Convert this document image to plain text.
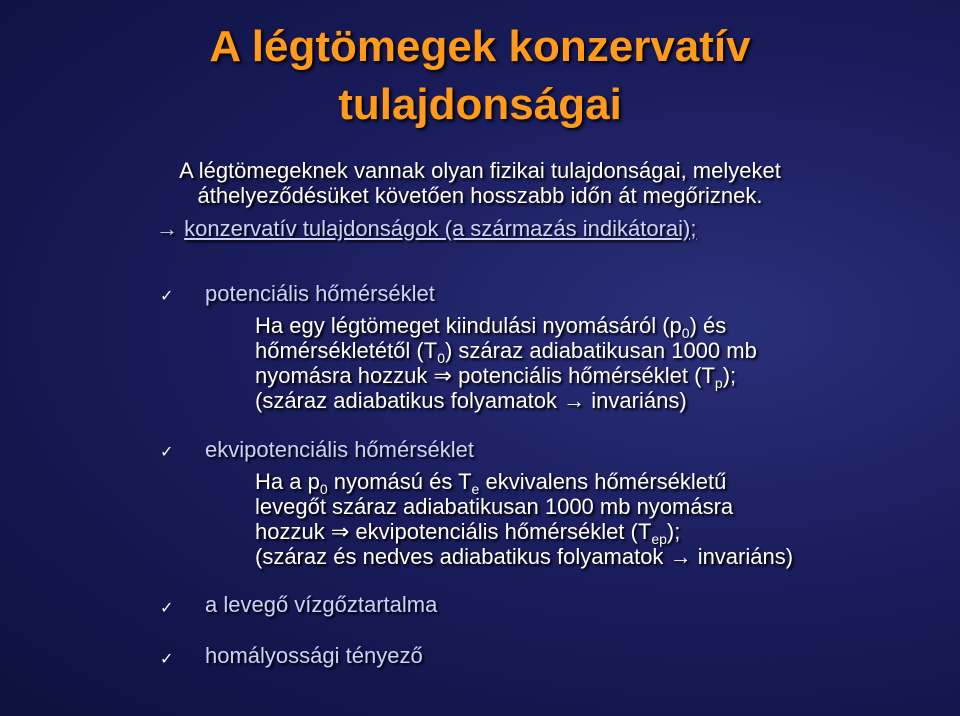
A légtömegek konzervatív
tulajdonságai
A légtömegeknek vannak olyan fizikai tulajdonságai, melyeket
áthelyeződésüket követően hosszabb időn át megőriznek.
→ konzervatív tulajdonságok (a származás indikátorai);
✓ potenciális hőmérséklet
Ha egy légtömeget kiindulási nyomásáról $(p_0)$ és
hőmérsékletétől $(T_0)$ száraz adiabatikusan 1000 mb
nyomásra hozzuk ⇒ potenciális hőmérséklet $(T_p)$;
(száraz adiabatikus folyamatok → invariáns)
✓ ekvipotenciális hőmérséklet
Ha a $p_0$ nyomású és $T_e$ ekvivalens hőmérsékletű
levegőt száraz adiabatikusan 1000 mb nyomásra
hozzuk ⇒ ekvipotenciális hőmérséklet $(T_{ep})$;
(száraz és nedves adiabatikus folyamatok → invariáns)
✓ a levegő vízgőztartalma
✓ homályossági tényező
